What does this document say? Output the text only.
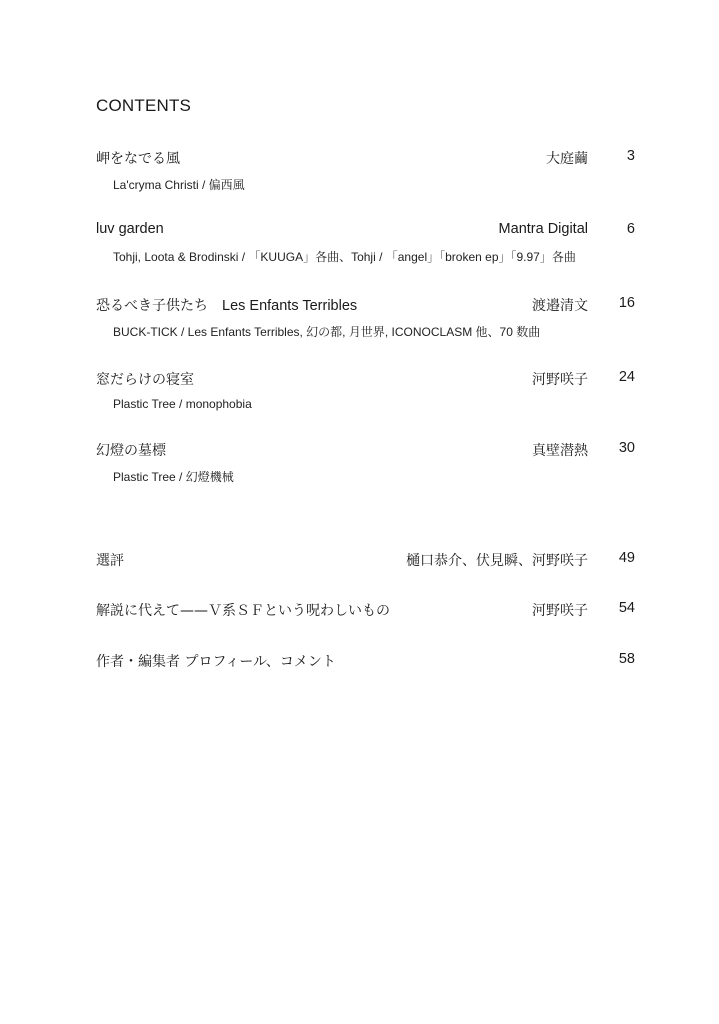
CONTENTS
岬をなでる風	大庭繭	3
La'cryma Christi / 偏西風
luv garden	Mantra Digital	6
Tohji, Loota & Brodinski / 「KUUGA」各曲、Tohji / 「angel」「broken ep」「9.97」各曲
恐るべき子供たち Les Enfants Terribles	渡邉清文	16
BUCK-TICK / Les Enfants Terribles, 幻の都, 月世界, ICONOCLASM 他、70 数曲
窓だらけの寝室	河野咲子	24
Plastic Tree / monophobia
幻燈の墓標	真壁潜熱	30
Plastic Tree / 幻燈機械
選評	樋口恭介、伏見瞬、河野咲子	49
解説に代えて——Ｖ系ＳＦという呪わしいもの	河野咲子	54
作者・編集者 プロフィール、コメント	58
